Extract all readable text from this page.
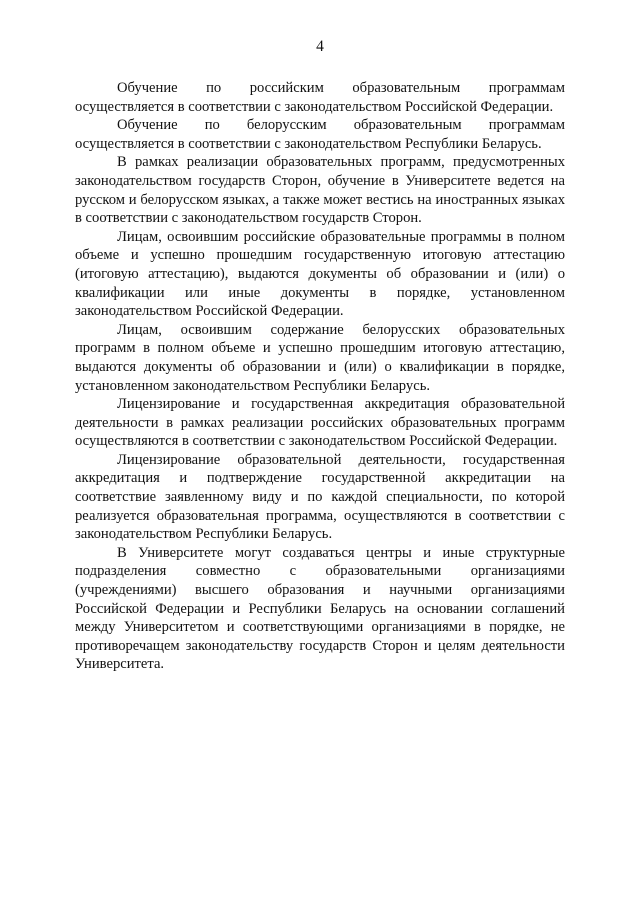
4

Обучение по российским образовательным программам осуществляется в соответствии с законодательством Российской Федерации.

Обучение по белорусским образовательным программам осуществляется в соответствии с законодательством Республики Беларусь.

В рамках реализации образовательных программ, предусмотренных законодательством государств Сторон, обучение в Университете ведется на русском и белорусском языках, а также может вестись на иностранных языках в соответствии с законодательством государств Сторон.

Лицам, освоившим российские образовательные программы в полном объеме и успешно прошедшим государственную итоговую аттестацию (итоговую аттестацию), выдаются документы об образовании и (или) о квалификации или иные документы в порядке, установленном законодательством Российской Федерации.

Лицам, освоившим содержание белорусских образовательных программ в полном объеме и успешно прошедшим итоговую аттестацию, выдаются документы об образовании и (или) о квалификации в порядке, установленном законодательством Республики Беларусь.

Лицензирование и государственная аккредитация образовательной деятельности в рамках реализации российских образовательных программ осуществляются в соответствии с законодательством Российской Федерации.

Лицензирование образовательной деятельности, государственная аккредитация и подтверждение государственной аккредитации на соответствие заявленному виду и по каждой специальности, по которой реализуется образовательная программа, осуществляются в соответствии с законодательством Республики Беларусь.

В Университете могут создаваться центры и иные структурные подразделения совместно с образовательными организациями (учреждениями) высшего образования и научными организациями Российской Федерации и Республики Беларусь на основании соглашений между Университетом и соответствующими организациями в порядке, не противоречащем законодательству государств Сторон и целям деятельности Университета.
